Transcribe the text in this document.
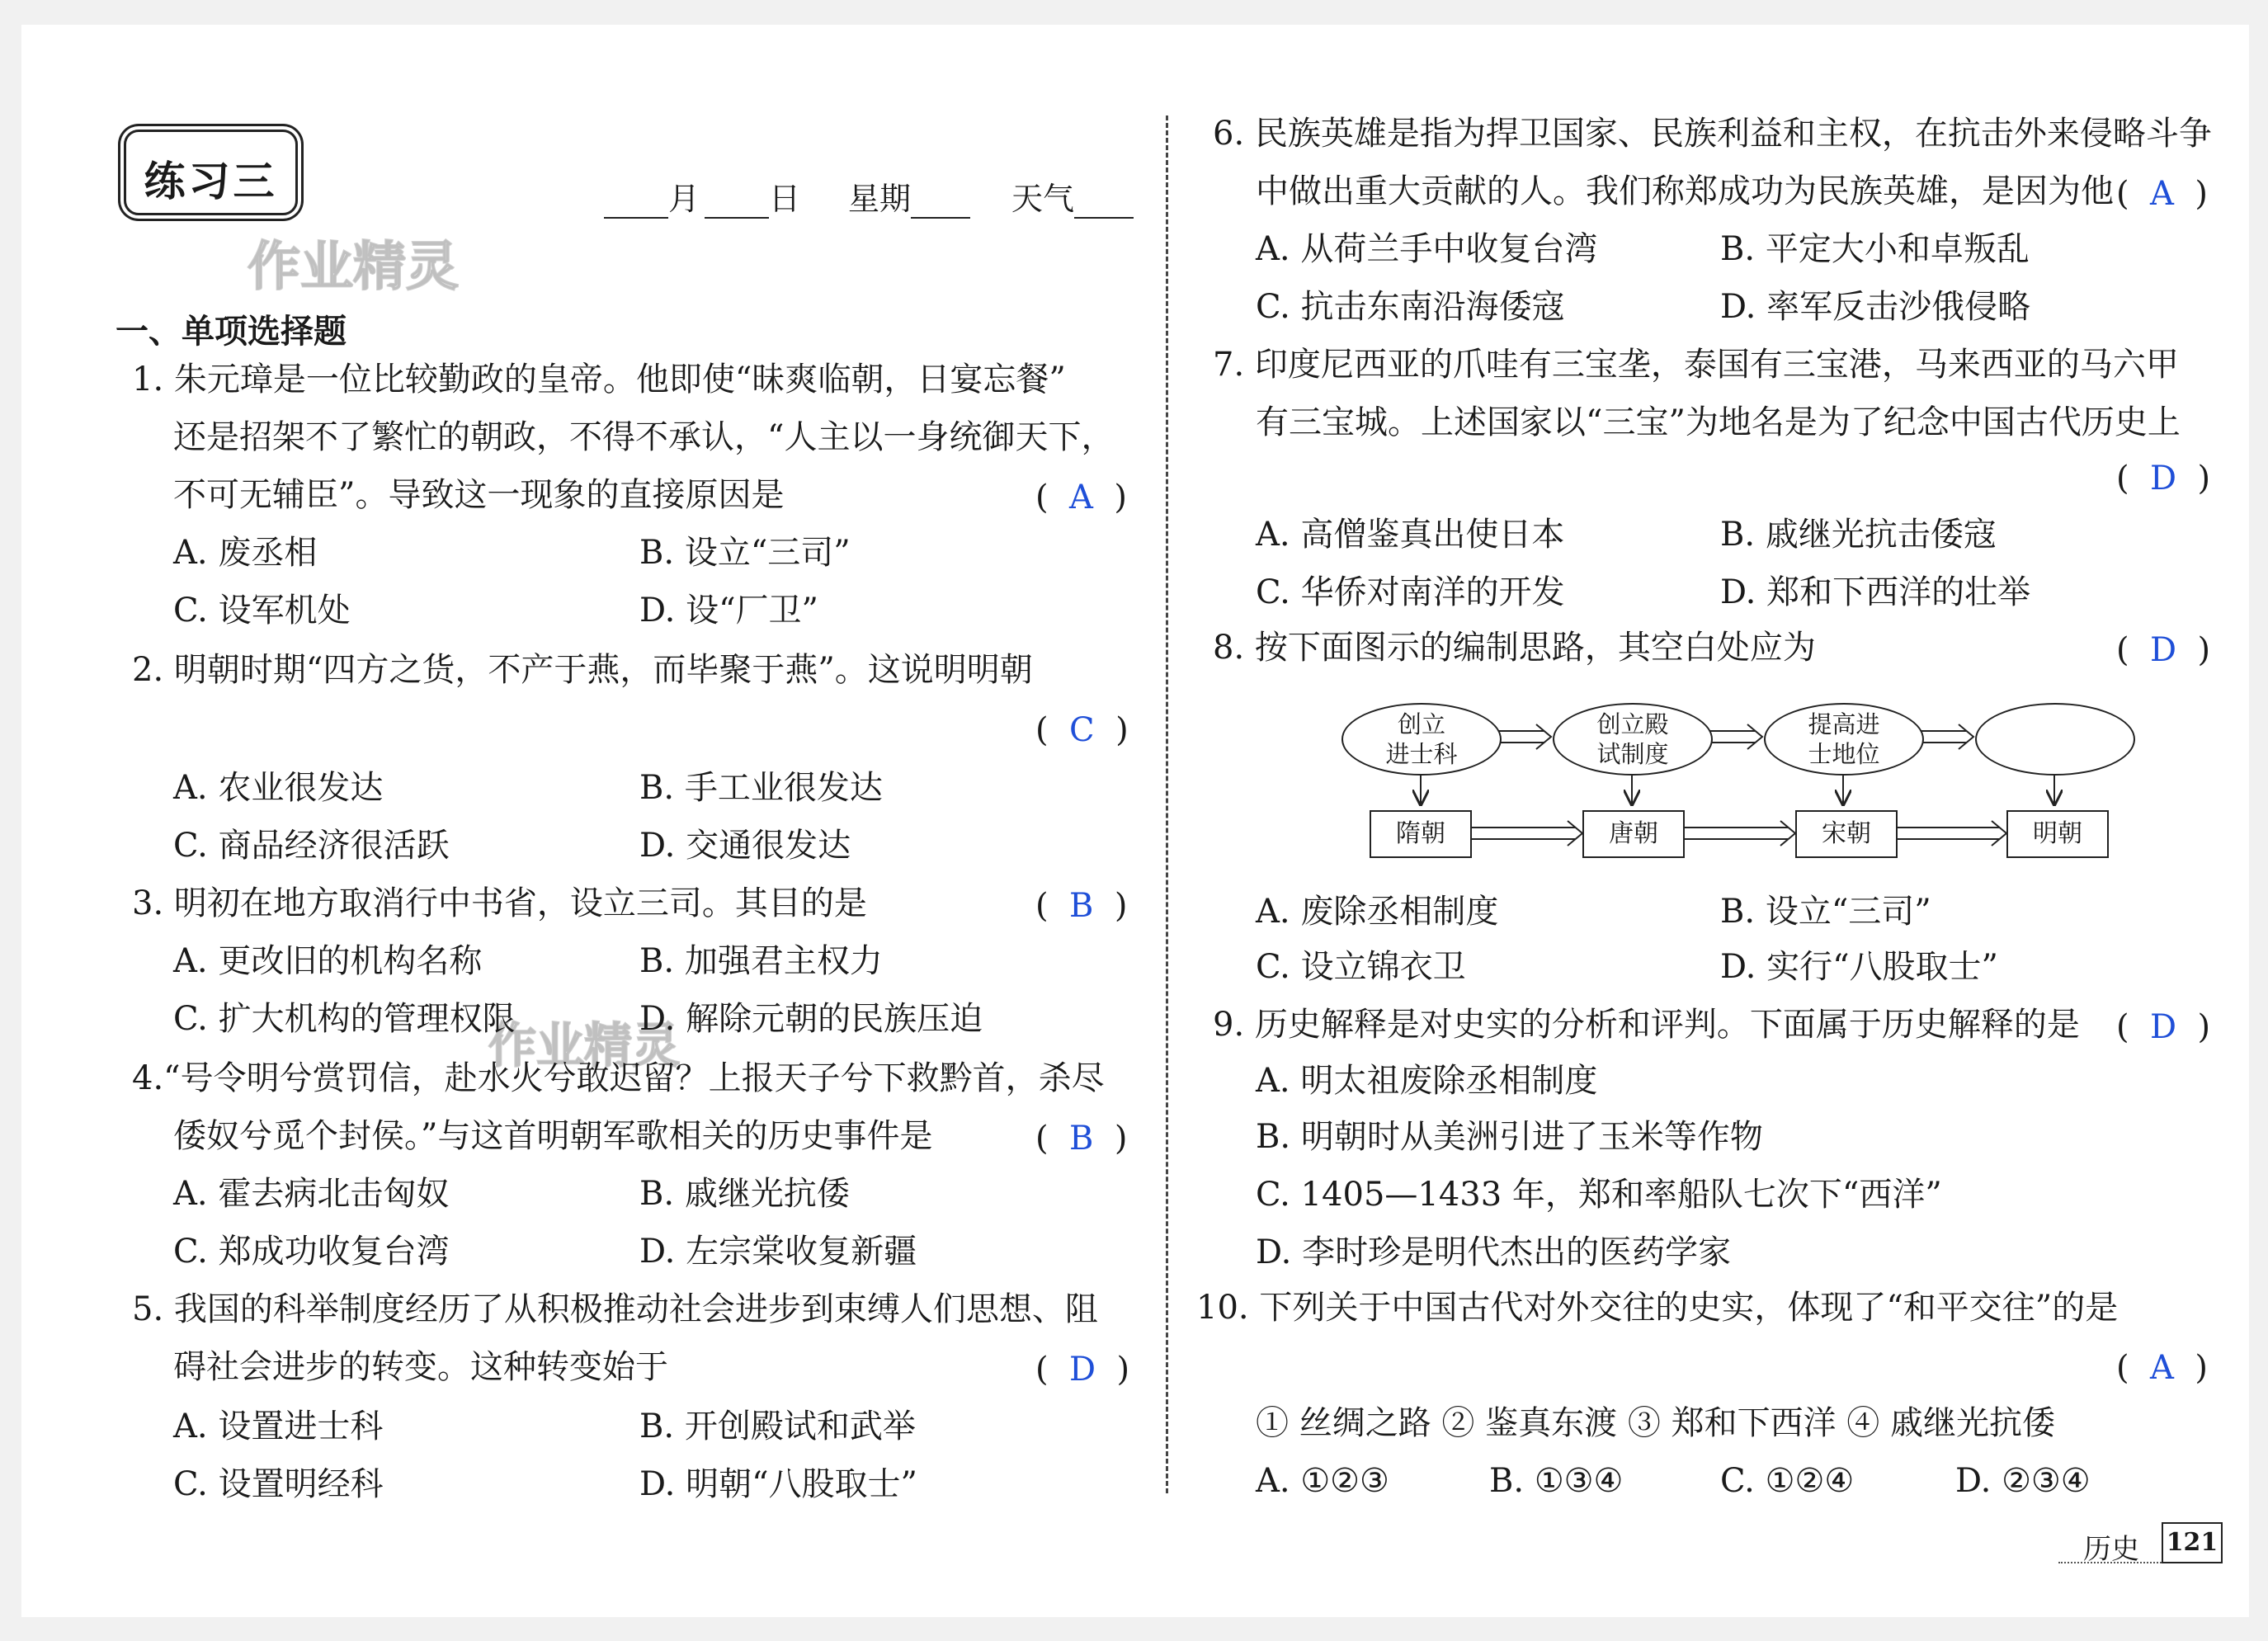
练习三	月 日 星期	天气
作业精灵
作业精灵
一、单项选择题
1. 朱元璋是一位比较勤政的皇帝。他即使“昧爽临朝，日宴忘餐”
还是招架不了繁忙的朝政，不得不承认，“人主以一身统御天下，
不可无辅臣”。导致这一现象的直接原因是	(  A  )
A. 废丞相	B. 设立“三司”
C. 设军机处	D. 设“厂卫”
2. 明朝时期“四方之货，不产于燕，而毕聚于燕”。这说明明朝
(  C  )
A. 农业很发达	B. 手工业很发达
C. 商品经济很活跃	D. 交通很发达
3. 明初在地方取消行中书省，设立三司。其目的是	(  B  )
A. 更改旧的机构名称	B. 加强君主权力
C. 扩大机构的管理权限	D. 解除元朝的民族压迫
4.“号令明兮赏罚信，赴水火兮敢迟留？上报天子兮下救黔首，杀尽
倭奴兮觅个封侯。”与这首明朝军歌相关的历史事件是	(  B  )
A. 霍去病北击匈奴	B. 戚继光抗倭
C. 郑成功收复台湾	D. 左宗棠收复新疆
5. 我国的科举制度经历了从积极推动社会进步到束缚人们思想、阻
碍社会进步的转变。这种转变始于	(  D  )
A. 设置进士科	B. 开创殿试和武举
C. 设置明经科	D. 明朝“八股取士”
6. 民族英雄是指为捍卫国家、民族利益和主权，在抗击外来侵略斗争
中做出重大贡献的人。我们称郑成功为民族英雄，是因为他 (  A  )
A. 从荷兰手中收复台湾	B. 平定大小和卓叛乱
C. 抗击东南沿海倭寇	D. 率军反击沙俄侵略
7. 印度尼西亚的爪哇有三宝垄，泰国有三宝港，马来西亚的马六甲
有三宝城。上述国家以“三宝”为地名是为了纪念中国古代历史上
(  D  )
A. 高僧鉴真出使日本	B. 戚继光抗击倭寇
C. 华侨对南洋的开发	D. 郑和下西洋的壮举
8. 按下面图示的编制思路，其空白处应为	(  D  )
创立
进士科
创立殿
试制度
提高进
士地位
隋朝	唐朝	宋朝	明朝
A. 废除丞相制度	B. 设立“三司”
C. 设立锦衣卫	D. 实行“八股取士”
9. 历史解释是对史实的分析和评判。下面属于历史解释的是 (  D  )
A. 明太祖废除丞相制度
B. 明朝时从美洲引进了玉米等作物
C. 1405—1433 年，郑和率船队七次下“西洋”
D. 李时珍是明代杰出的医药学家
10. 下列关于中国古代对外交往的史实，体现了“和平交往”的是
(  A  )
① 丝绸之路 ② 鉴真东渡 ③ 郑和下西洋 ④ 戚继光抗倭
A. ①②③	B. ①③④	C. ①②④	D. ②③④
历史 121
